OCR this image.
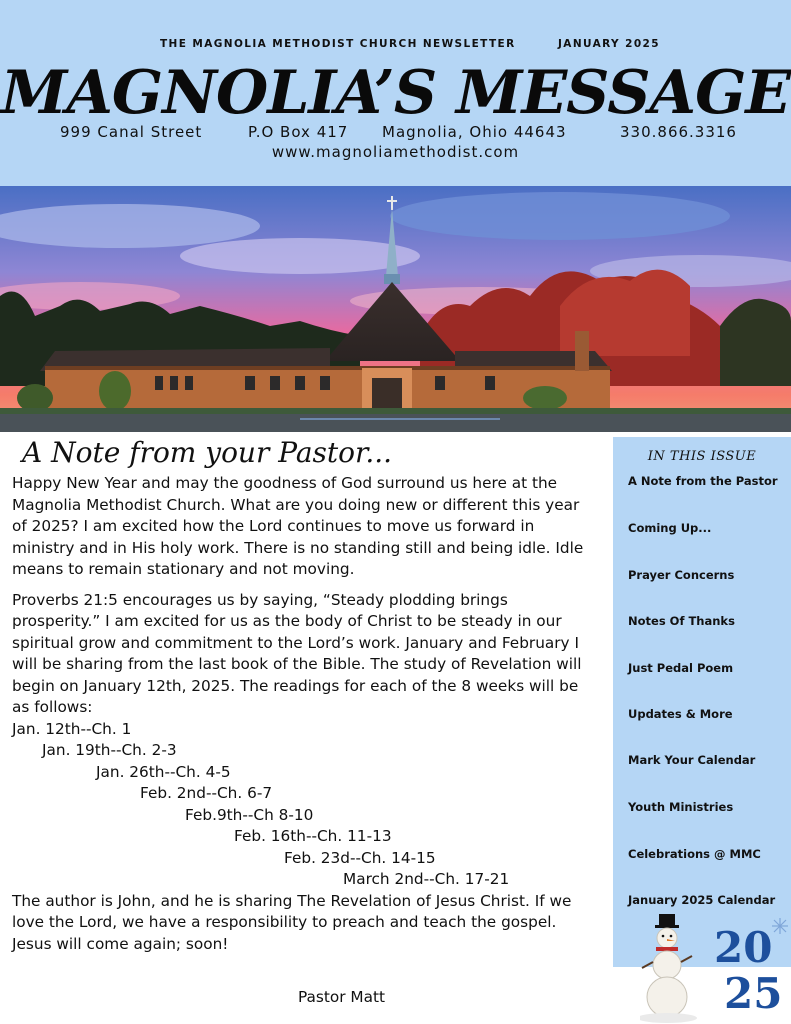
THE MAGNOLIA METHODIST CHURCH NEWSLETTER	JANUARY 2025
MAGNOLIA’S MESSAGE
999 Canal Street	P.O Box 417 Magnolia, Ohio 44643	330.866.3316
www.magnoliamethodist.com
A Note from your Pastor...

Happy New Year and may the goodness of God surround us here at the Magnolia Methodist Church. What are you doing new or different this year of 2025? I am excited how the Lord continues to move us forward in ministry and in His holy work. There is no standing still and being idle. Idle means to remain stationary and not moving.

Proverbs 21:5 encourages us by saying, “Steady plodding brings prosperity.” I am excited for us as the body of Christ to be steady in our spiritual grow and commitment to the Lord’s work. January and February I will be sharing from the last book of the Bible. The study of Revelation will begin on January 12th, 2025. The readings for each of the 8 weeks will be as follows:

Jan. 12th--Ch. 1
Jan. 19th--Ch. 2-3
Jan. 26th--Ch. 4-5
Feb. 2nd--Ch. 6-7
Feb.9th--Ch 8-10
Feb. 16th--Ch. 11-13
Feb. 23d--Ch. 14-15
March 2nd--Ch. 17-21

The author is John, and he is sharing The Revelation of Jesus Christ. If we love the Lord, we have a responsibility to preach and teach the gospel.

Jesus will come again; soon!

Pastor Matt
IN THIS ISSUE
A Note from the Pastor
Coming Up...
Prayer Concerns
Notes Of Thanks
Just Pedal Poem
Updates & More
Mark Your Calendar
Youth Ministries
Celebrations @ MMC
January 2025 Calendar
20
25
